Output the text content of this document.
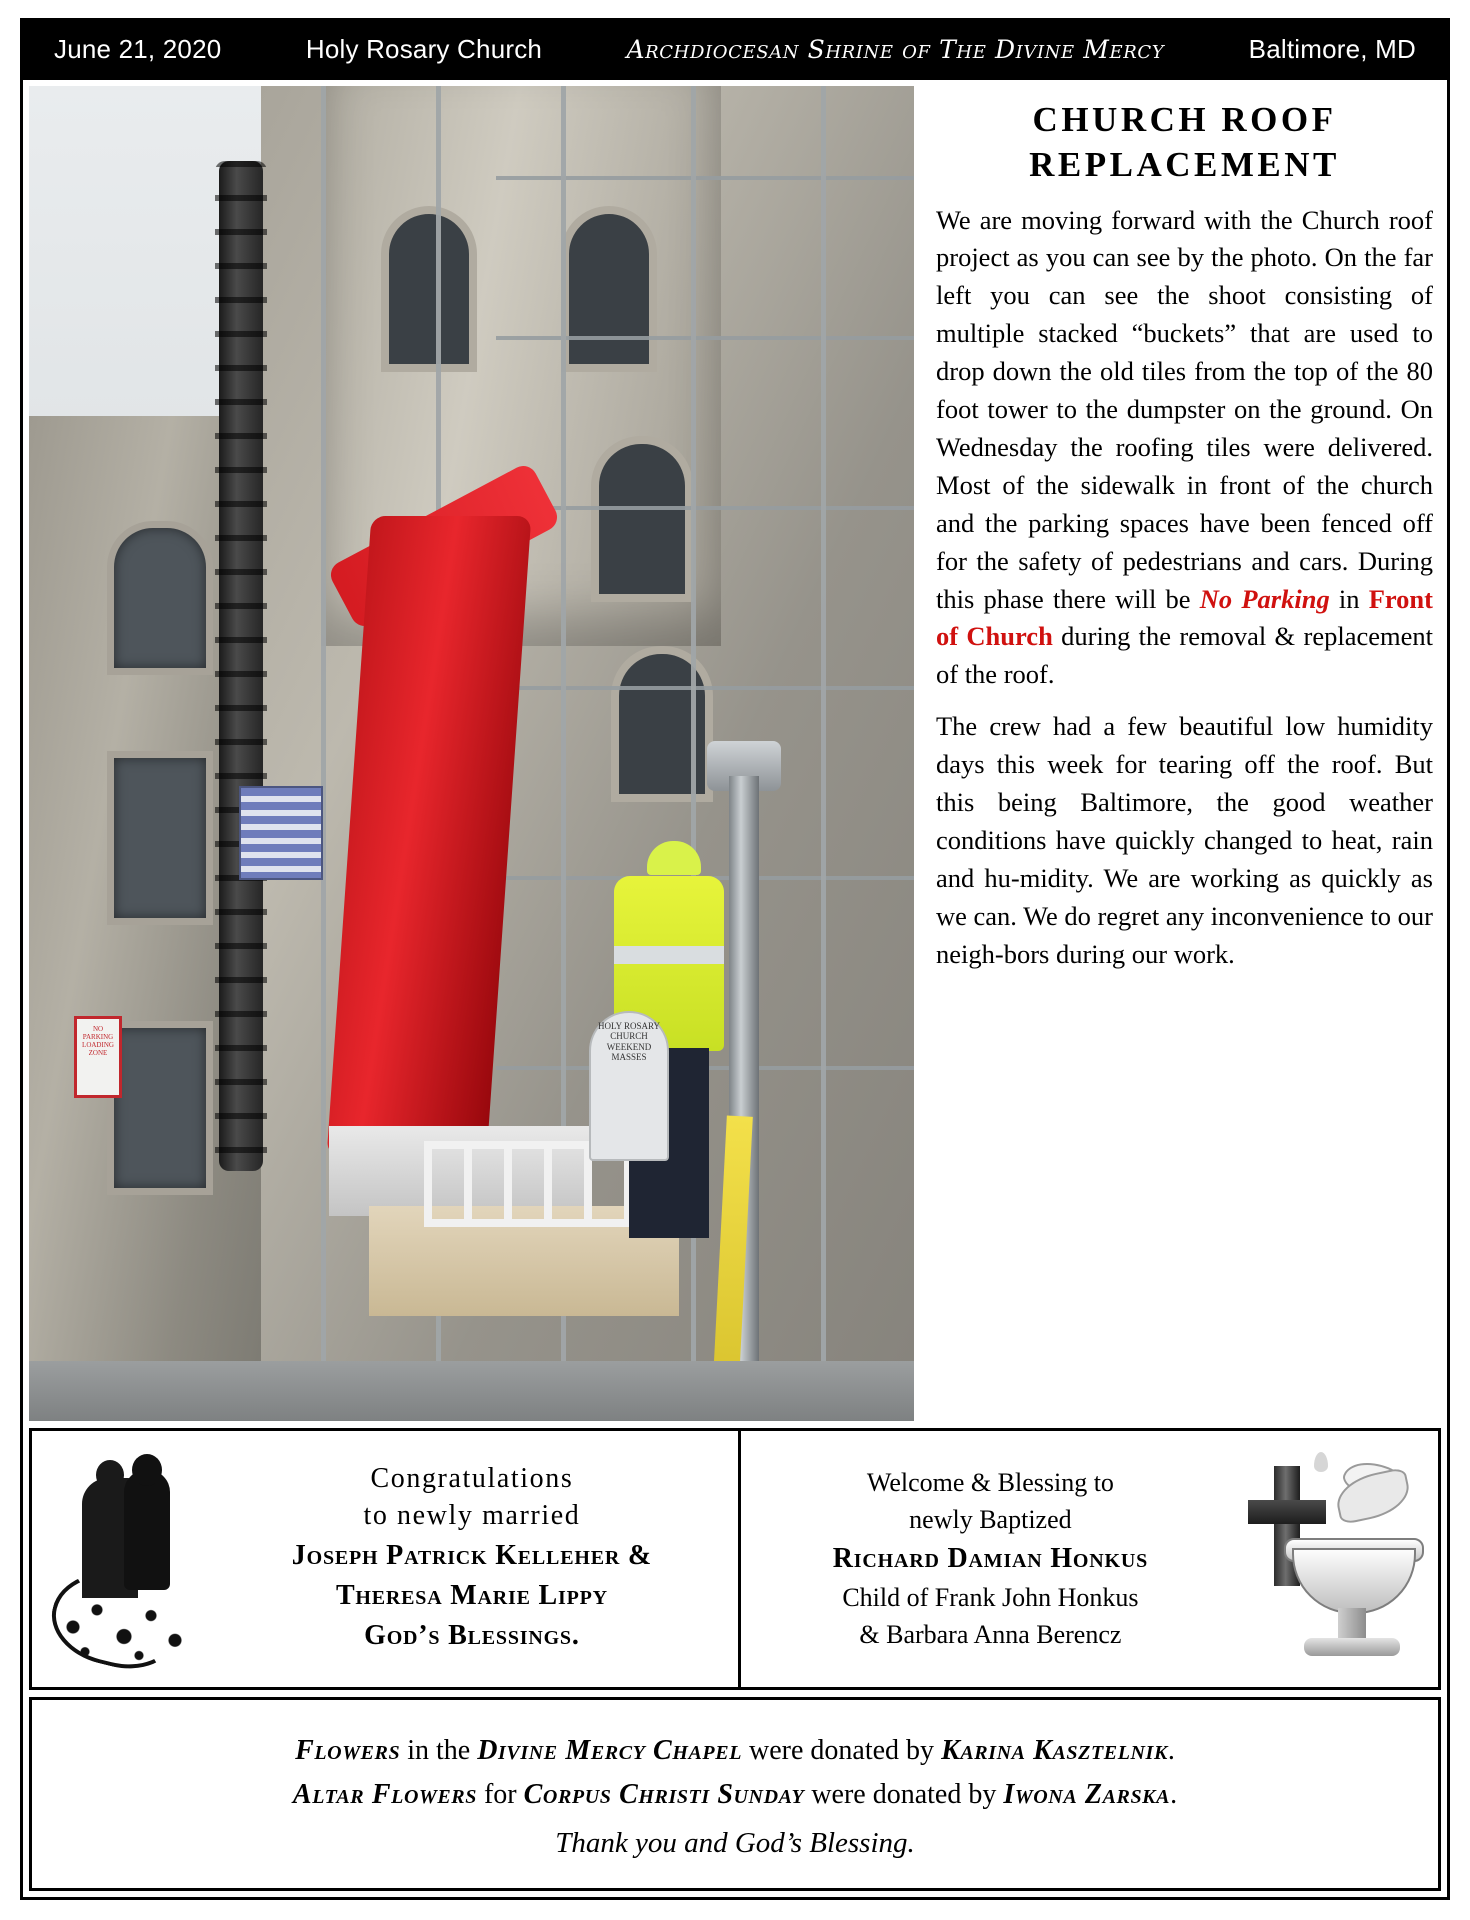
June 21, 2020	Holy Rosary Church	Archdiocesan Shrine of The Divine Mercy	Baltimore, MD
HOLY ROSARY CHURCH WEEKEND MASSES
NO PARKING LOADING ZONE
CHURCH ROOF
REPLACEMENT

We are moving forward with the Church roof project as you can see by the photo. On the far left you can see the shoot consisting of multiple stacked “buckets” that are used to drop down the old tiles from the top of the 80 foot tower to the dumpster on the ground. On Wednesday the roofing tiles were delivered. Most of the sidewalk in front of the church and the parking spaces have been fenced off for the safety of pedestrians and cars. During this phase there will be No Parking in Front of Church during the removal & replacement of the roof.

The crew had a few beautiful low humidity days this week for tearing off the roof. But this being Baltimore, the good weather conditions have quickly changed to heat, rain and hu-midity. We are working as quickly as we can. We do regret any inconvenience to our neigh-bors during our work.

Congratulations
to newly married
Joseph Patrick Kelleher &
Theresa Marie Lippy
God’s Blessings.
Welcome & Blessing to
newly Baptized
Richard Damian Honkus
Child of Frank John Honkus
& Barbara Anna Berencz
Flowers in the Divine Mercy Chapel were donated by Karina Kasztelnik.
Altar Flowers for Corpus Christi Sunday were donated by Iwona Zarska.
Thank you and God’s Blessing.
